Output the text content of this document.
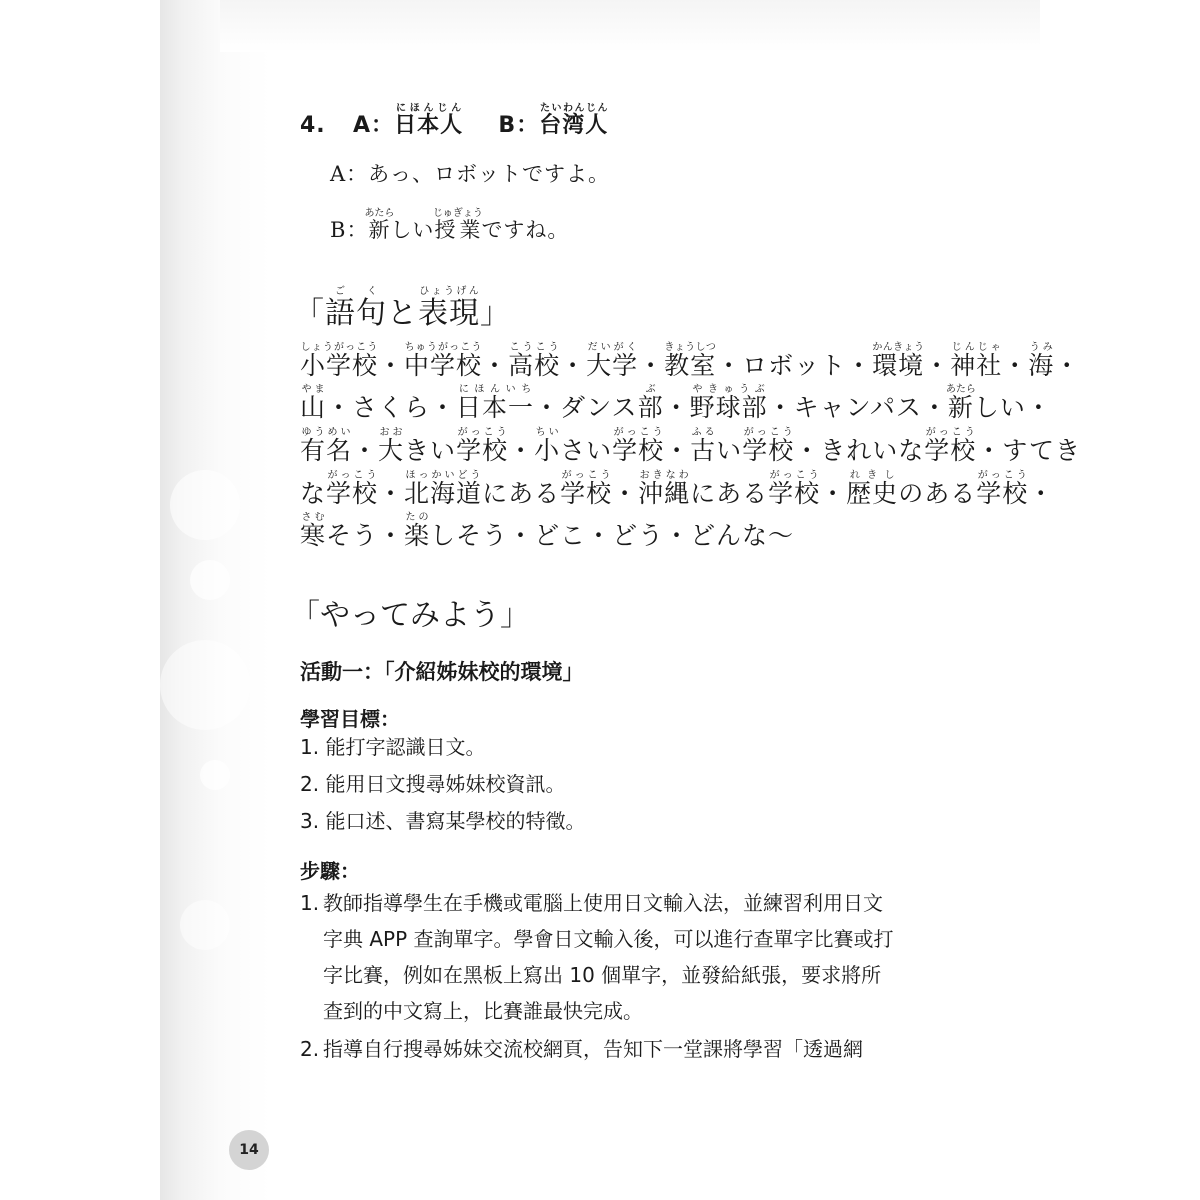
4. A：日本人にほんじん  B：台湾人たいわんじん
A：あっ、ロボットですよ。
B：新あたらしい授業じゅぎょうですね。
「語句ごくと表現ひょうげん」
小学校しょうがっこう・中学校ちゅうがっこう・高校こうこう・大学だいがく・教室きょうしつ・ロボット・環境かんきょう・神社じんじゃ・海うみ・
山やま・さくら・日本一にほんいち・ダンス部ぶ・野球部やきゅうぶ・キャンパス・新あたらしい・
有名ゆうめい・大おおきい学校がっこう・小ちいさい学校がっこう・古ふるい学校がっこう・きれいな学校がっこう・すてき
な学校がっこう・北海道ほっかいどうにある学校がっこう・沖縄おきなわにある学校がっこう・歴史れきしのある学校がっこう・
寒さむそう・楽たのしそう・どこ・どう・どんな～
「やってみよう」
活動一：「介紹姊妹校的環境」
學習目標：
1. 能打字認識日文。
2. 能用日文搜尋姊妹校資訊。
3. 能口述、書寫某學校的特徵。
步驟：
1. 教師指導學生在手機或電腦上使用日文輸入法，並練習利用日文
字典 APP 查詢單字。學會日文輸入後，可以進行查單字比賽或打
字比賽，例如在黑板上寫出 10 個單字，並發給紙張，要求將所
查到的中文寫上，比賽誰最快完成。
2. 指導自行搜尋姊妹交流校網頁，告知下一堂課將學習「透過網
14
